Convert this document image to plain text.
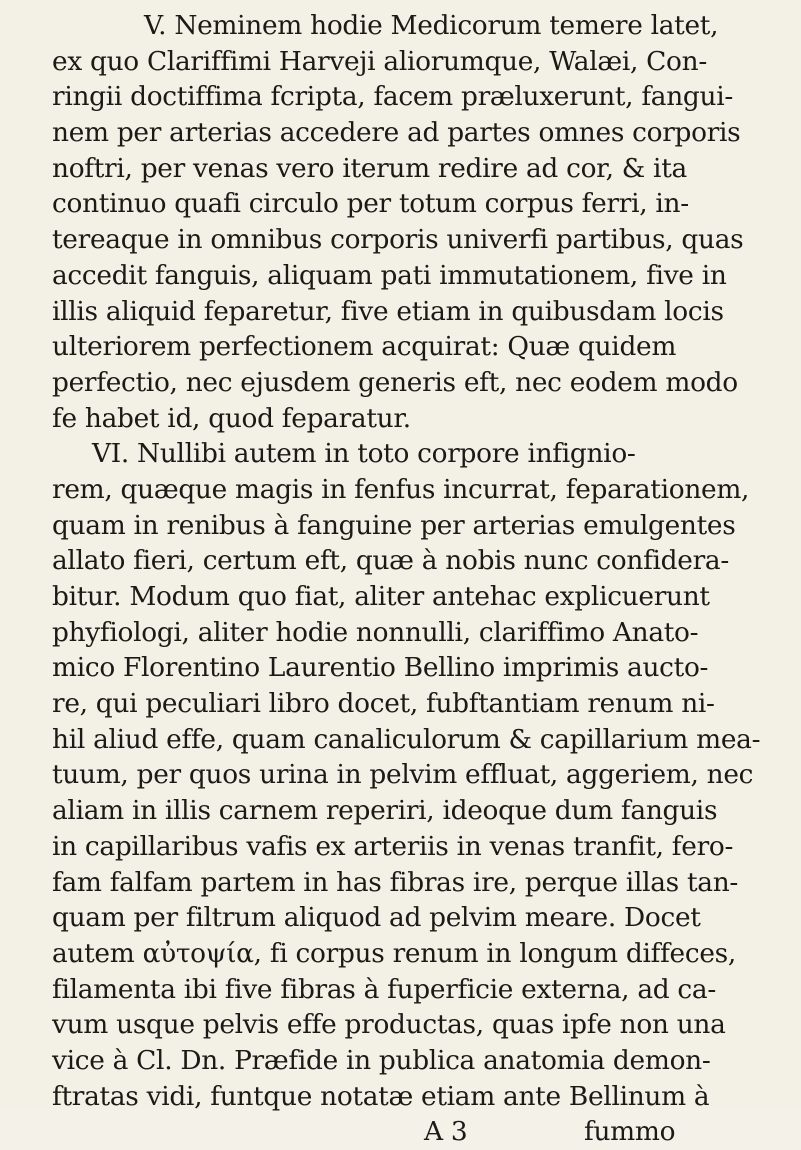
V. Neminem hodie Medicorum temere latet,
ex quo Clariffimi Harveji aliorumque, Walæi, Con-
ringii doctiffima fcripta, facem præluxerunt, fangui-
nem per arterias accedere ad partes omnes corporis
noftri, per venas vero iterum redire ad cor, & ita
continuo quafi circulo per totum corpus ferri, in-
tereaque in omnibus corporis univerfi partibus, quas
accedit fanguis, aliquam pati immutationem, five in
illis aliquid feparetur, five etiam in quibusdam locis
ulteriorem perfectionem acquirat: Quæ quidem
perfectio, nec ejusdem generis eft, nec eodem modo
fe habet id, quod feparatur.
VI. Nullibi autem in toto corpore infignio-
rem, quæque magis in fenfus incurrat, feparationem,
quam in renibus à fanguine per arterias emulgentes
allato fieri, certum eft, quæ à nobis nunc confidera-
bitur. Modum quo fiat, aliter antehac explicuerunt
phyfiologi, aliter hodie nonnulli, clariffimo Anato-
mico Florentino Laurentio Bellino imprimis aucto-
re, qui peculiari libro docet, fubftantiam renum ni-
hil aliud effe, quam canaliculorum & capillarium mea-
tuum, per quos urina in pelvim effluat, aggeriem, nec
aliam in illis carnem reperiri, ideoque dum fanguis
in capillaribus vafis ex arteriis in venas tranfit, fero-
fam falfam partem in has fibras ire, perque illas tan-
quam per filtrum aliquod ad pelvim meare. Docet
autem αὐτοψία, fi corpus renum in longum diffeces,
filamenta ibi five fibras à fuperficie externa, ad ca-
vum usque pelvis effe productas, quas ipfe non una
vice à Cl. Dn. Præfide in publica anatomia demon-
ftratas vidi, funtque notatæ etiam ante Bellinum à
A 3	fummo
